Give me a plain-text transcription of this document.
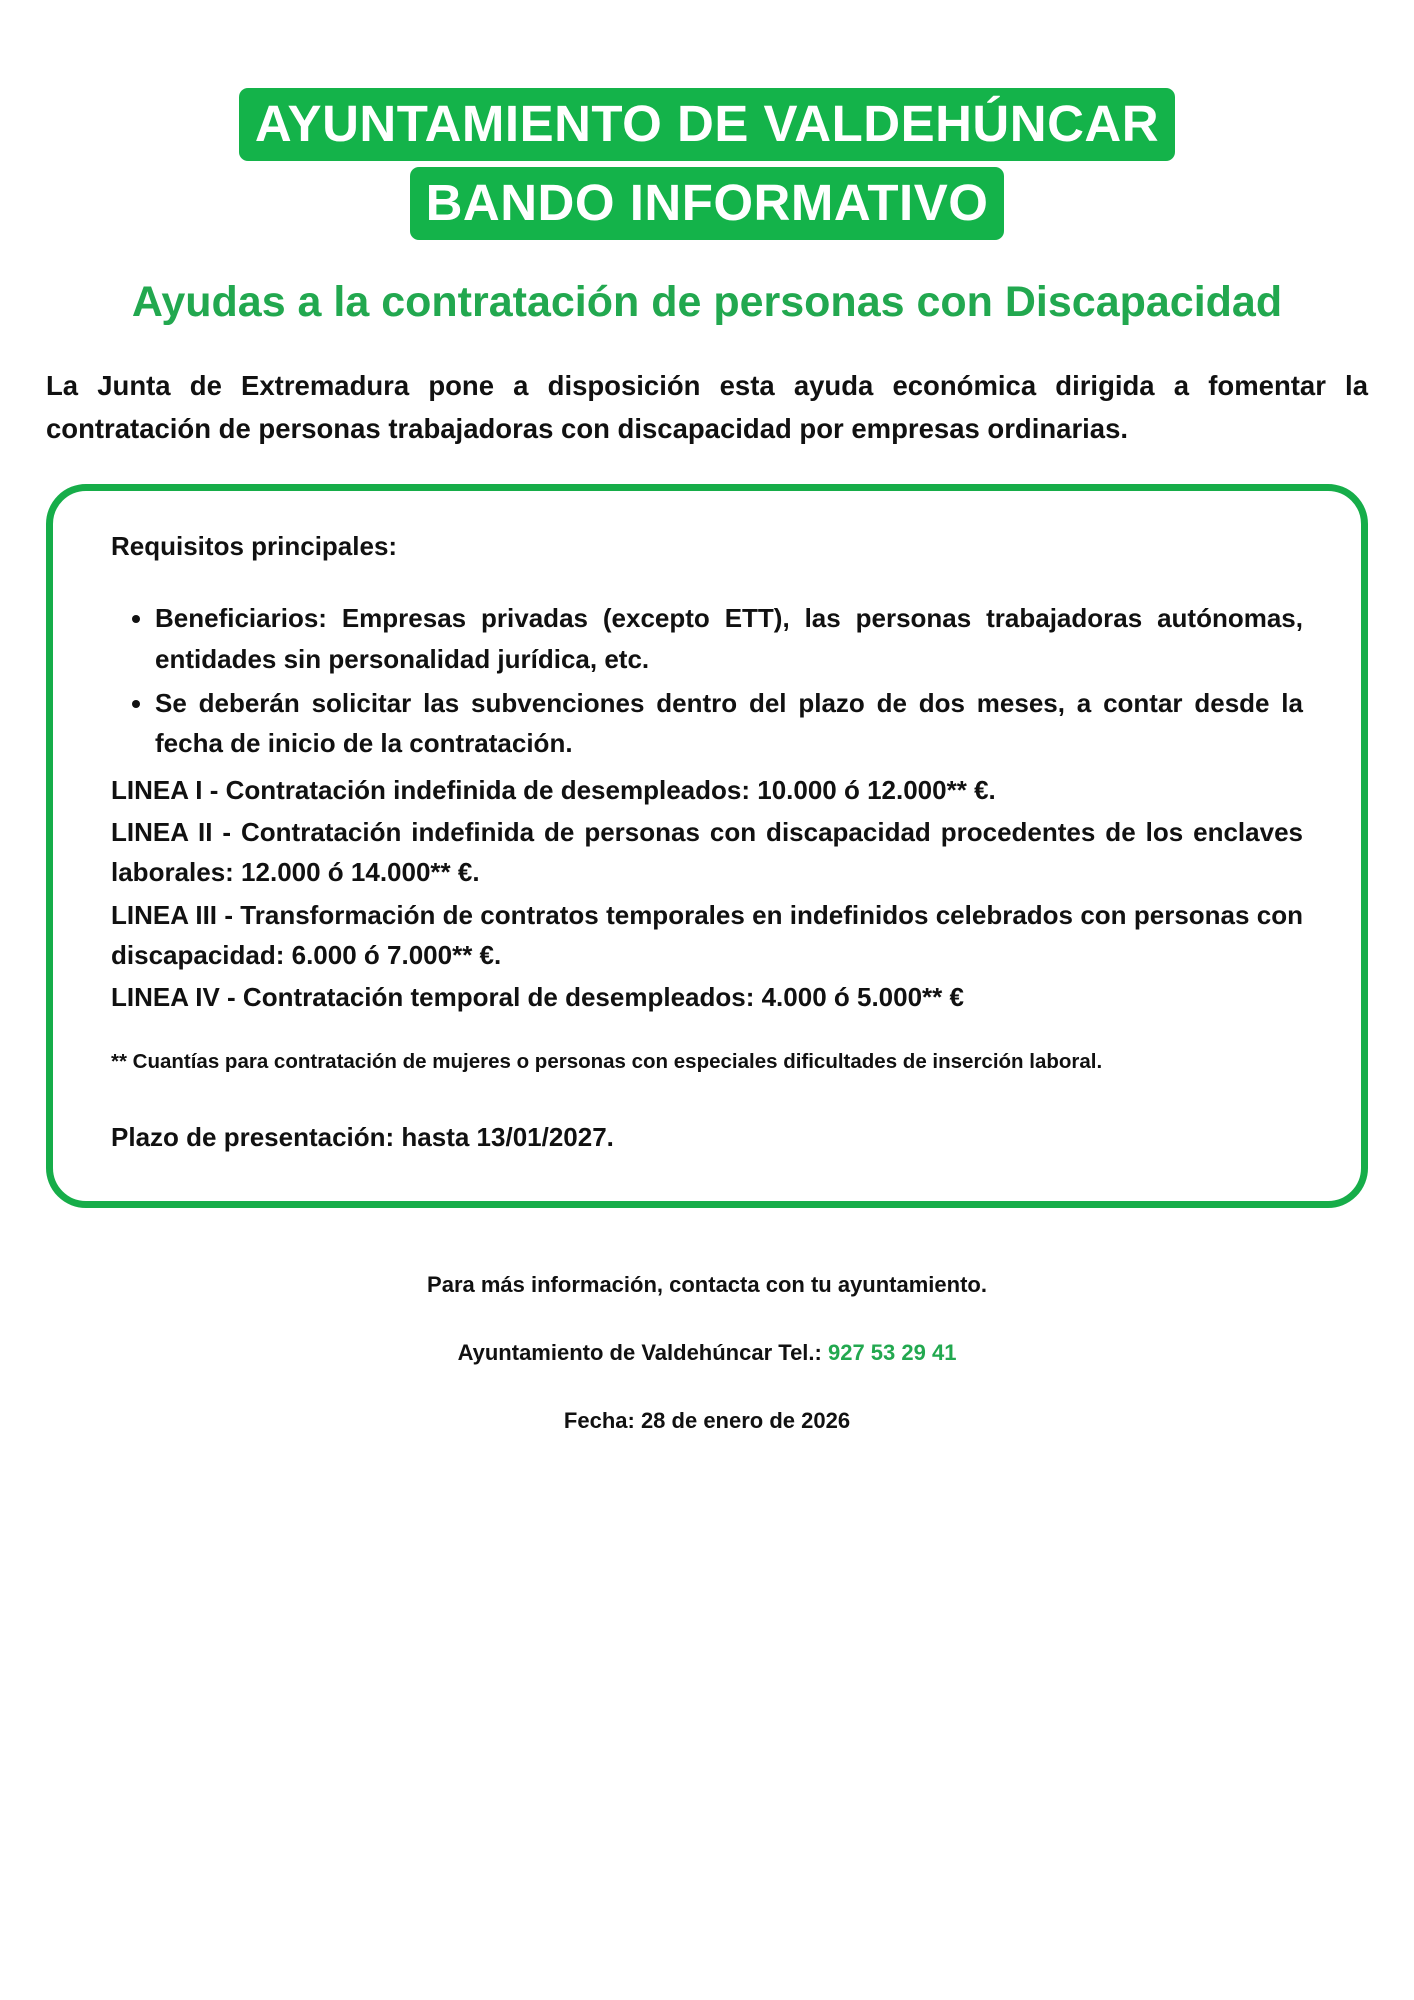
AYUNTAMIENTO DE VALDEHÚNCAR
BANDO INFORMATIVO
Ayudas a la contratación de personas con Discapacidad

La Junta de Extremadura pone a disposición esta ayuda económica dirigida a fomentar la contratación de personas trabajadoras con discapacidad por empresas ordinarias.

Requisitos principales:

• Beneficiarios: Empresas privadas (excepto ETT), las personas trabajadoras autónomas, entidades sin personalidad jurídica, etc.
• Se deberán solicitar las subvenciones dentro del plazo de dos meses, a contar desde la fecha de inicio de la contratación.

LINEA I - Contratación indefinida de desempleados: 10.000 ó 12.000** €.

LINEA II - Contratación indefinida de personas con discapacidad procedentes de los enclaves laborales: 12.000 ó 14.000** €.

LINEA III - Transformación de contratos temporales en indefinidos celebrados con personas con discapacidad: 6.000 ó 7.000** €.

LINEA IV - Contratación temporal de desempleados: 4.000 ó 5.000** €

** Cuantías para contratación de mujeres o personas con especiales dificultades de inserción laboral.

Plazo de presentación: hasta 13/01/2027.

Para más información, contacta con tu ayuntamiento.
Ayuntamiento de Valdehúncar Tel.: 927 53 29 41
Fecha: 28 de enero de 2026
